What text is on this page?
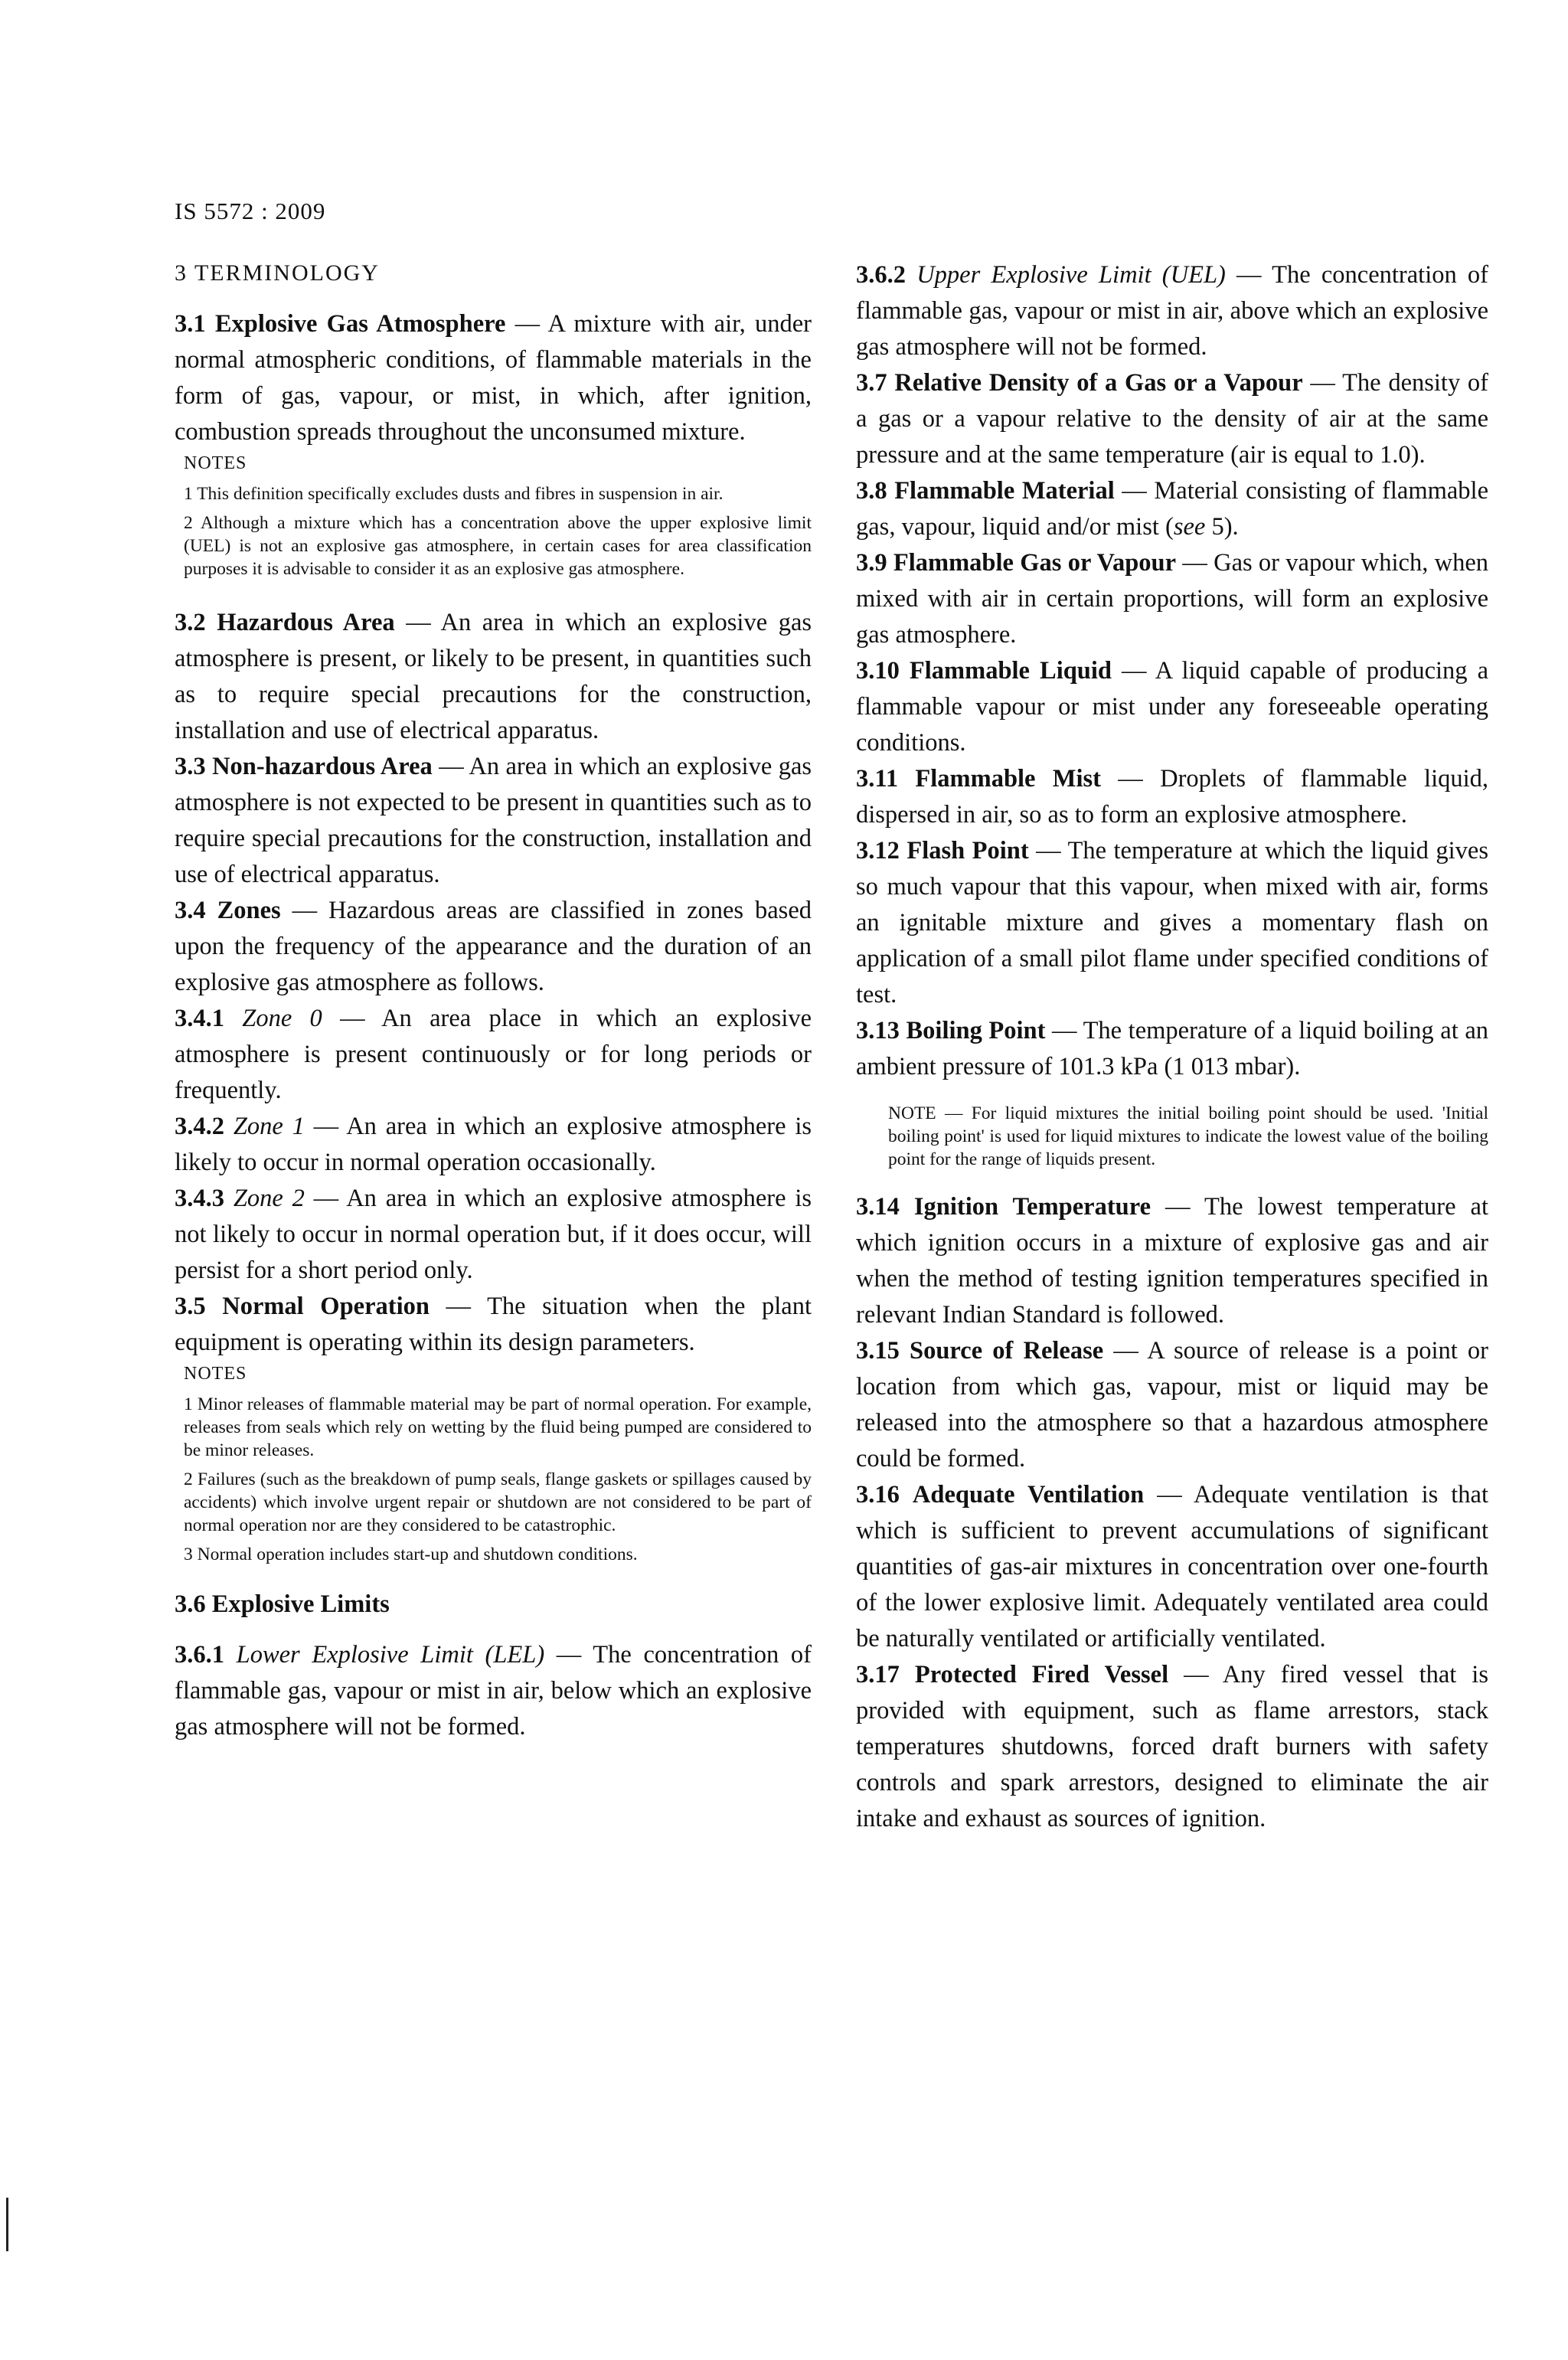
IS 5572 : 2009
3 TERMINOLOGY

3.1 Explosive Gas Atmosphere — A mixture with air, under normal atmospheric conditions, of flammable materials in the form of gas, vapour, or mist, in which, after ignition, combustion spreads throughout the unconsumed mixture.

NOTES

1 This definition specifically excludes dusts and fibres in suspension in air.

2 Although a mixture which has a concentration above the upper explosive limit (UEL) is not an explosive gas atmosphere, in certain cases for area classification purposes it is advisable to consider it as an explosive gas atmosphere.

3.2 Hazardous Area — An area in which an explosive gas atmosphere is present, or likely to be present, in quantities such as to require special precautions for the construction, installation and use of electrical apparatus.

3.3 Non-hazardous Area — An area in which an explosive gas atmosphere is not expected to be present in quantities such as to require special precautions for the construction, installation and use of electrical apparatus.

3.4 Zones — Hazardous areas are classified in zones based upon the frequency of the appearance and the duration of an explosive gas atmosphere as follows.

3.4.1 Zone 0 — An area place in which an explosive atmosphere is present continuously or for long periods or frequently.

3.4.2 Zone 1 — An area in which an explosive atmosphere is likely to occur in normal operation occasionally.

3.4.3 Zone 2 — An area in which an explosive atmosphere is not likely to occur in normal operation but, if it does occur, will persist for a short period only.

3.5 Normal Operation — The situation when the plant equipment is operating within its design parameters.

NOTES

1 Minor releases of flammable material may be part of normal operation. For example, releases from seals which rely on wetting by the fluid being pumped are considered to be minor releases.

2 Failures (such as the breakdown of pump seals, flange gaskets or spillages caused by accidents) which involve urgent repair or shutdown are not considered to be part of normal operation nor are they considered to be catastrophic.

3 Normal operation includes start-up and shutdown conditions.

3.6 Explosive Limits

3.6.1 Lower Explosive Limit (LEL) — The concentration of flammable gas, vapour or mist in air, below which an explosive gas atmosphere will not be formed.

3.6.2 Upper Explosive Limit (UEL) — The concentration of flammable gas, vapour or mist in air, above which an explosive gas atmosphere will not be formed.

3.7 Relative Density of a Gas or a Vapour — The density of a gas or a vapour relative to the density of air at the same pressure and at the same temperature (air is equal to 1.0).

3.8 Flammable Material — Material consisting of flammable gas, vapour, liquid and/or mist (see 5).

3.9 Flammable Gas or Vapour — Gas or vapour which, when mixed with air in certain proportions, will form an explosive gas atmosphere.

3.10 Flammable Liquid — A liquid capable of producing a flammable vapour or mist under any foreseeable operating conditions.

3.11 Flammable Mist — Droplets of flammable liquid, dispersed in air, so as to form an explosive atmosphere.

3.12 Flash Point — The temperature at which the liquid gives so much vapour that this vapour, when mixed with air, forms an ignitable mixture and gives a momentary flash on application of a small pilot flame under specified conditions of test.

3.13 Boiling Point — The temperature of a liquid boiling at an ambient pressure of 101.3 kPa (1 013 mbar).

NOTE — For liquid mixtures the initial boiling point should be used. 'Initial boiling point' is used for liquid mixtures to indicate the lowest value of the boiling point for the range of liquids present.

3.14 Ignition Temperature — The lowest temperature at which ignition occurs in a mixture of explosive gas and air when the method of testing ignition temperatures specified in relevant Indian Standard is followed.

3.15 Source of Release — A source of release is a point or location from which gas, vapour, mist or liquid may be released into the atmosphere so that a hazardous atmosphere could be formed.

3.16 Adequate Ventilation — Adequate ventilation is that which is sufficient to prevent accumulations of significant quantities of gas-air mixtures in concentration over one-fourth of the lower explosive limit. Adequately ventilated area could be naturally ventilated or artificially ventilated.

3.17 Protected Fired Vessel — Any fired vessel that is provided with equipment, such as flame arrestors, stack temperatures shutdowns, forced draft burners with safety controls and spark arrestors, designed to eliminate the air intake and exhaust as sources of ignition.
